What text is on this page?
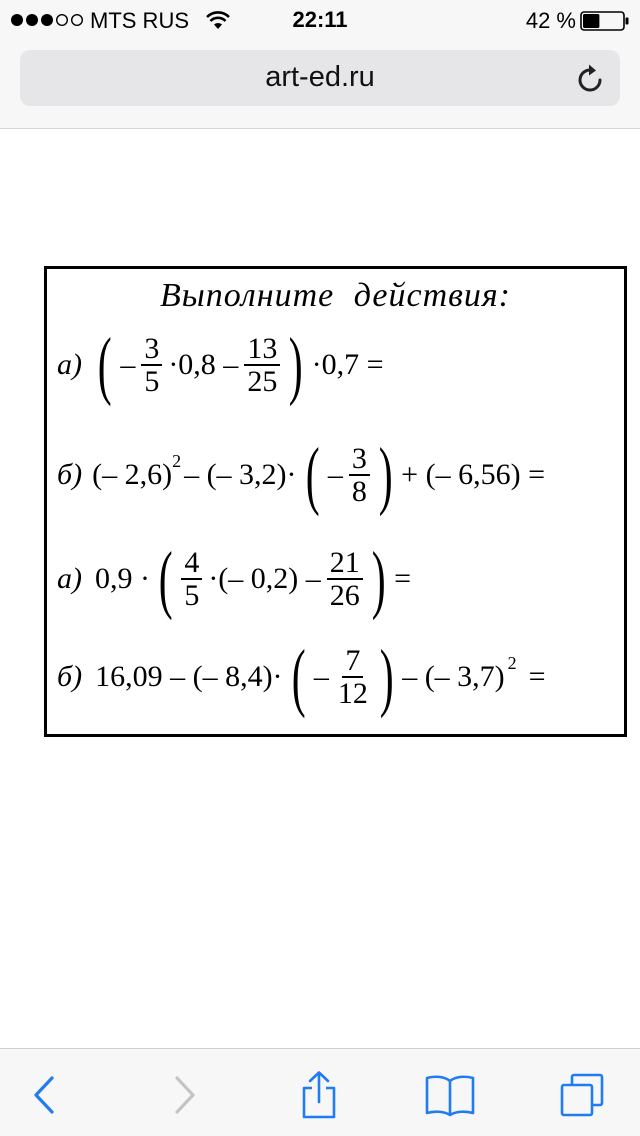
MTS RUS	22:11	42 %
art-ed.ru
Выполните действия:
а) ( – $\frac{3}{5} \cdot 0,8 - \frac{13}{25}$ ) ·0,7 =
б) (– 2,6) 2 – (– 3,2)· ( – $\frac{3}{8}$ ) + (– 6,56) =
а) 0,9 · ( $\frac{4}{5}$ ·(– $0,2) - \frac{21}{26}$ ) =
б) 16,09 – (– 8,4)· ( – $\frac{7}{12}$ ) – (– 3,7) 2 =
